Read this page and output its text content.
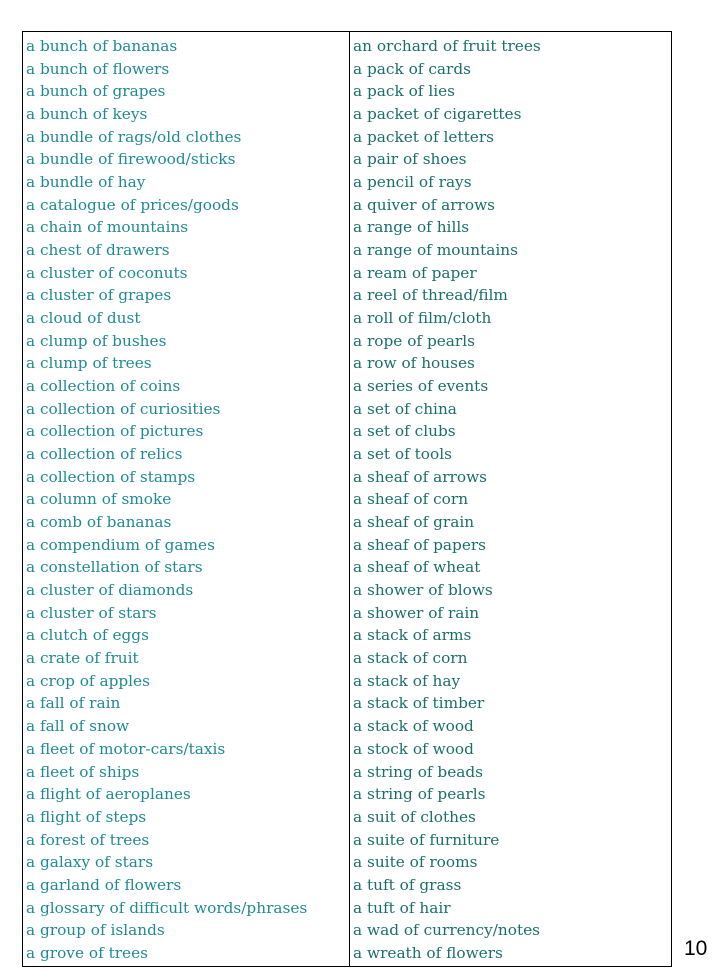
a bunch of bananas
a bunch of flowers
a bunch of grapes
a bunch of keys
a bundle of rags/old clothes
a bundle of firewood/sticks
a bundle of hay
a catalogue of prices/goods
a chain of mountains
a chest of drawers
a cluster of coconuts
a cluster of grapes
a cloud of dust
a clump of bushes
a clump of trees
a collection of coins
a collection of curiosities
a collection of pictures
a collection of relics
a collection of stamps
a column of smoke
a comb of bananas
a compendium of games
a constellation of stars
a cluster of diamonds
a cluster of stars
a clutch of eggs
a crate of fruit
a crop of apples
a fall of rain
a fall of snow
a fleet of motor-cars/taxis
a fleet of ships
a flight of aeroplanes
a flight of steps
a forest of trees
a galaxy of stars
a garland of flowers
a glossary of difficult words/phrases
a group of islands
a grove of trees
an orchard of fruit trees
a pack of cards
a pack of lies
a packet of cigarettes
a packet of letters
a pair of shoes
a pencil of rays
a quiver of arrows
a range of hills
a range of mountains
a ream of paper
a reel of thread/film
a roll of film/cloth
a rope of pearls
a row of houses
a series of events
a set of china
a set of clubs
a set of tools
a sheaf of arrows
a sheaf of corn
a sheaf of grain
a sheaf of papers
a sheaf of wheat
a shower of blows
a shower of rain
a stack of arms
a stack of corn
a stack of hay
a stack of timber
a stack of wood
a stock of wood
a string of beads
a string of pearls
a suit of clothes
a suite of furniture
a suite of rooms
a tuft of grass
a tuft of hair
a wad of currency/notes
a wreath of flowers	10
